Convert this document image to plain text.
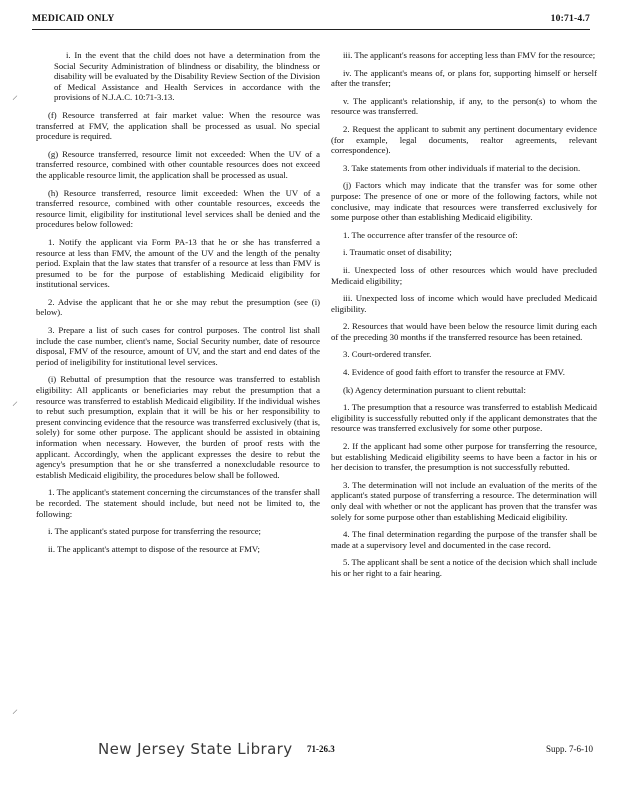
MEDICAID ONLY	10:71-4.7
⸝
⸝
⸝

i. In the event that the child does not have a determination from the Social Security Administration of blindness or disability, the blindness or disability will be evaluated by the Disability Review Section of the Division of Medical Assistance and Health Services in accordance with the provisions of N.J.A.C. 10:71-3.13.

(f) Resource transferred at fair market value: When the resource was transferred at FMV, the application shall be processed as usual. No special procedure is required.

(g) Resource transferred, resource limit not exceeded: When the UV of a transferred resource, combined with other countable resources does not exceed the applicable resource limit, the application shall be processed as usual.

(h) Resource transferred, resource limit exceeded: When the UV of a transferred resource, combined with other countable resources, exceeds the resource limit, eligibility for institutional level services shall be denied and the procedures below followed:

1. Notify the applicant via Form PA-13 that he or she has transferred a resource at less than FMV, the amount of the UV and the length of the penalty period. Explain that the law states that transfer of a resource at less than FMV is presumed to be for the purpose of establishing Medicaid eligibility for institutional services.

2. Advise the applicant that he or she may rebut the presumption (see (i) below).

3. Prepare a list of such cases for control purposes. The control list shall include the case number, client's name, Social Security number, date of resource disposal, FMV of the resource, amount of UV, and the start and end dates of the period of ineligibility for institutional level services.

(i) Rebuttal of presumption that the resource was transferred to establish eligibility: All applicants or beneficiaries may rebut the presumption that a resource was transferred to establish Medicaid eligibility. If the individual wishes to rebut such presumption, explain that it will be his or her responsibility to present convincing evidence that the resource was transferred exclusively (that is, solely) for some other purpose. The applicant should be assisted in obtaining information when necessary. However, the burden of proof rests with the applicant. Accordingly, when the applicant expresses the desire to rebut the agency's presumption that he or she transferred a nonexcludable resource to establish Medicaid eligibility, the procedures below shall be followed.

1. The applicant's statement concerning the circumstances of the transfer shall be recorded. The statement should include, but need not be limited to, the following:

i. The applicant's stated purpose for transferring the resource;

ii. The applicant's attempt to dispose of the resource at FMV;

iii. The applicant's reasons for accepting less than FMV for the resource;

iv. The applicant's means of, or plans for, supporting himself or herself after the transfer;

v. The applicant's relationship, if any, to the person(s) to whom the resource was transferred.

2. Request the applicant to submit any pertinent documentary evidence (for example, legal documents, realtor agreements, relevant correspondence).

3. Take statements from other individuals if material to the decision.

(j) Factors which may indicate that the transfer was for some other purpose: The presence of one or more of the following factors, while not conclusive, may indicate that resources were transferred exclusively for some purpose other than establishing Medicaid eligibility.

1. The occurrence after transfer of the resource of:

i. Traumatic onset of disability;

ii. Unexpected loss of other resources which would have precluded Medicaid eligibility;

iii. Unexpected loss of income which would have precluded Medicaid eligibility.

2. Resources that would have been below the resource limit during each of the preceding 30 months if the transferred resource has been retained.

3. Court-ordered transfer.

4. Evidence of good faith effort to transfer the resource at FMV.

(k) Agency determination pursuant to client rebuttal:

1. The presumption that a resource was transferred to establish Medicaid eligibility is successfully rebutted only if the applicant demonstrates that the resource was transferred exclusively for some other purpose.

2. If the applicant had some other purpose for transferring the resource, but establishing Medicaid eligibility seems to have been a factor in his or her decision to transfer, the presumption is not successfully rebutted.

3. The determination will not include an evaluation of the merits of the applicant's stated purpose of transferring a resource. The determination will only deal with whether or not the applicant has proven that the transfer was solely for some purpose other than establishing Medicaid eligibility.

4. The final determination regarding the purpose of the transfer shall be made at a supervisory level and documented in the case record.

5. The applicant shall be sent a notice of the decision which shall include his or her right to a fair hearing.

New Jersey State Library 71-26.3	Supp. 7-6-10
